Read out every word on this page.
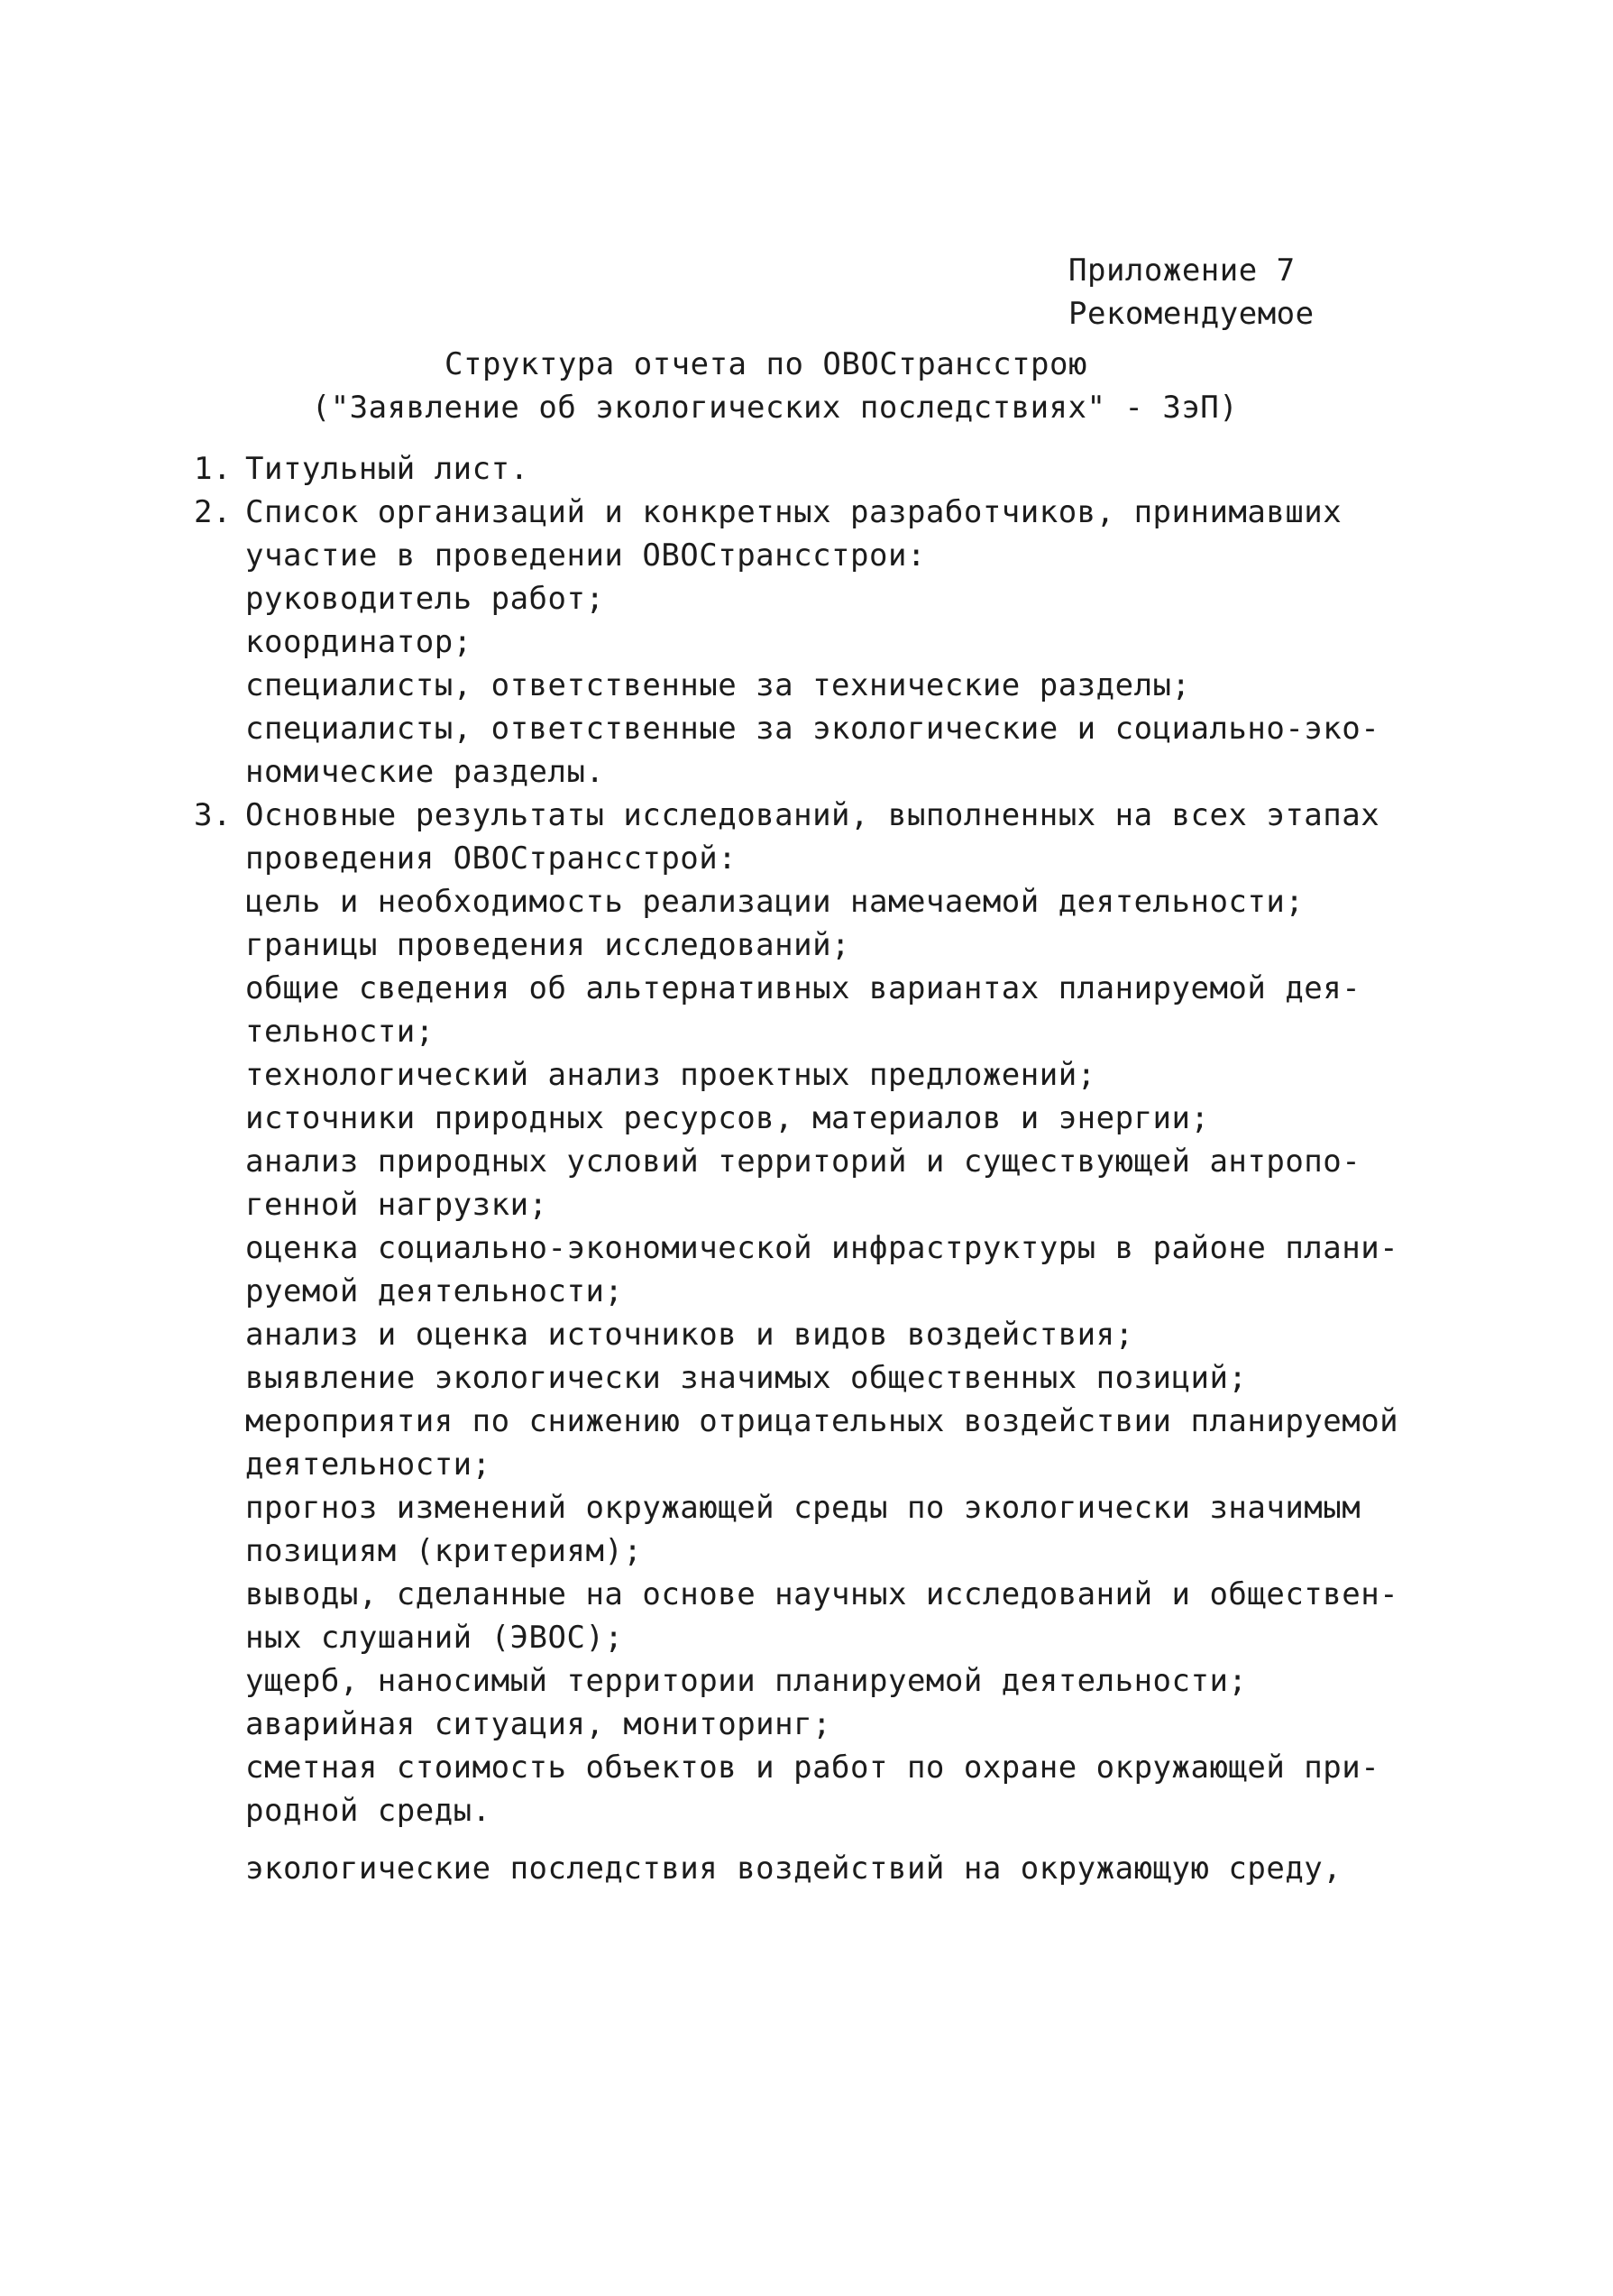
Приложение 7
Рекомендуемое
Структура отчета по ОВОСтрансстрою
("Заявление об экологических последствиях" - ЗэП)
1. Титульный лист.
2. Список организаций и конкретных разработчиков, принимавших
участие в проведении ОВОСтрансстрои:
руководитель работ;
координатор;
специалисты, ответственные за технические разделы;
специалисты, ответственные за экологические и социально-эко-
номические разделы.
3. Основные результаты исследований, выполненных на всех этапах
проведения ОВОСтрансстрой:
цель и необходимость реализации намечаемой деятельности;
границы проведения исследований;
общие сведения об альтернативных вариантах планируемой дея-
тельности;
технологический анализ проектных предложений;
источники природных ресурсов, материалов и энергии;
анализ природных условий территорий и существующей антропо-
генной нагрузки;
оценка социально-экономической инфраструктуры в районе плани-
руемой деятельности;
анализ и оценка источников и видов воздействия;
выявление экологически значимых общественных позиций;
мероприятия по снижению отрицательных воздействии планируемой
деятельности;
прогноз изменений окружающей среды по экологически значимым
позициям (критериям);
выводы, сделанные на основе научных исследований и обществен-
ных слушаний (ЭВОС);
ущерб, наносимый территории планируемой деятельности;
аварийная ситуация, мониторинг;
сметная стоимость объектов и работ по охране окружающей при-
родной среды.
экологические последствия воздействий на окружающую среду,
